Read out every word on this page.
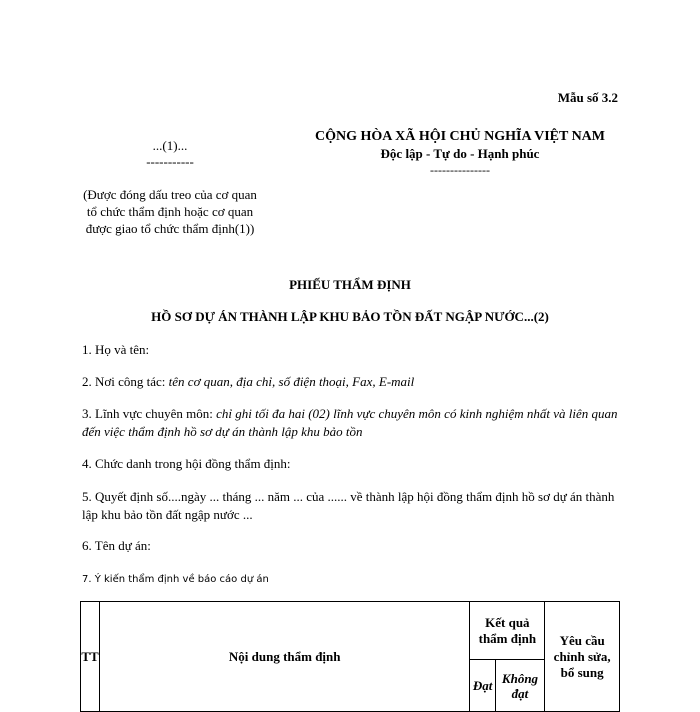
Mẫu số 3.2
...(1)...
-----------
(Được đóng dấu treo của cơ quan tổ chức thẩm định hoặc cơ quan được giao tổ chức thẩm định(1))
CỘNG HÒA XÃ HỘI CHỦ NGHĨA VIỆT NAM
Độc lập - Tự do - Hạnh phúc
---------------
PHIẾU THẨM ĐỊNH
HỒ SƠ DỰ ÁN THÀNH LẬP KHU BẢO TỒN ĐẤT NGẬP NƯỚC...(2)
1. Họ và tên:
2. Nơi công tác: tên cơ quan, địa chỉ, số điện thoại, Fax, E-mail
3. Lĩnh vực chuyên môn: chỉ ghi tối đa hai (02) lĩnh vực chuyên môn có kinh nghiệm nhất và liên quan đến việc thẩm định hồ sơ dự án thành lập khu bảo tồn
4. Chức danh trong hội đồng thẩm định:
5. Quyết định số....ngày ... tháng ... năm ... của ...... về thành lập hội đồng thẩm định hồ sơ dự án thành lập khu bảo tồn đất ngập nước ...
6. Tên dự án:
7. Ý kiến thẩm định về báo cáo dự án
TT	Nội dung thẩm định	Kết quả thẩm định		Yêu cầu chỉnh sửa, bổ sung
		Đạt	Không đạt	
